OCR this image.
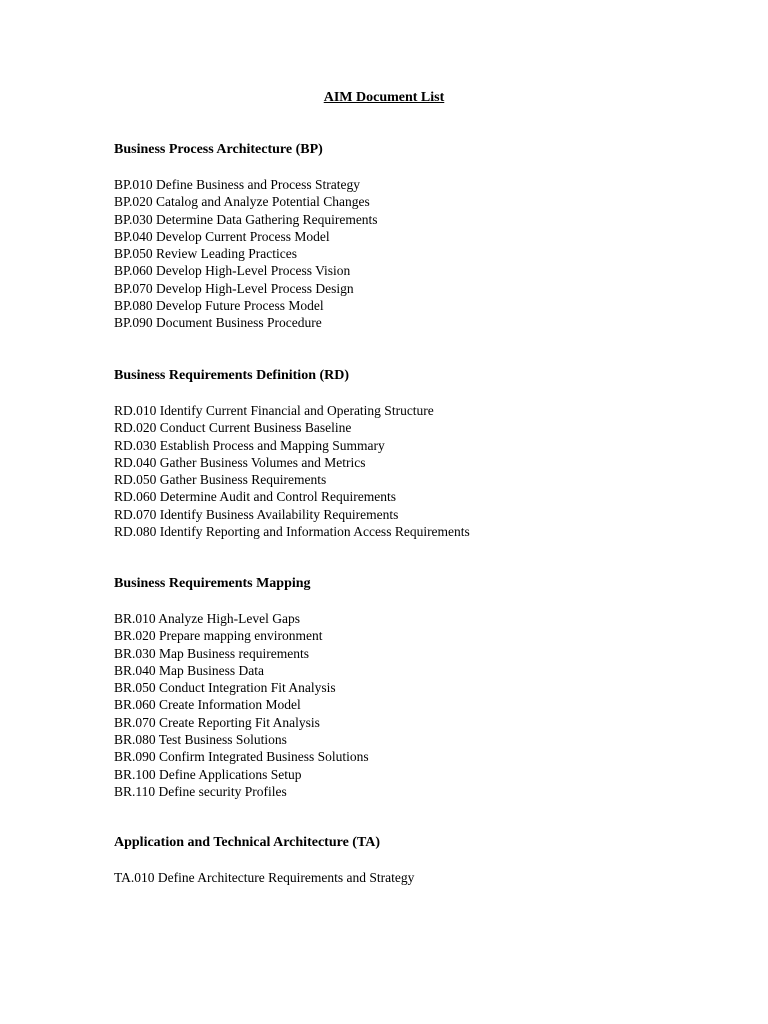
AIM Document List
Business Process Architecture (BP)
BP.010 Define Business and Process Strategy
BP.020 Catalog and Analyze Potential Changes
BP.030 Determine Data Gathering Requirements
BP.040 Develop Current Process Model
BP.050 Review Leading Practices
BP.060 Develop High-Level Process Vision
BP.070 Develop High-Level Process Design
BP.080 Develop Future Process Model
BP.090 Document Business Procedure
Business Requirements Definition (RD)
RD.010 Identify Current Financial and Operating Structure
RD.020 Conduct Current Business Baseline
RD.030 Establish Process and Mapping Summary
RD.040 Gather Business Volumes and Metrics
RD.050 Gather Business Requirements
RD.060 Determine Audit and Control Requirements
RD.070 Identify Business Availability Requirements
RD.080 Identify Reporting and Information Access Requirements
Business Requirements Mapping
BR.010 Analyze High-Level Gaps
BR.020 Prepare mapping environment
BR.030 Map Business requirements
BR.040 Map Business Data
BR.050 Conduct Integration Fit Analysis
BR.060 Create Information Model
BR.070 Create Reporting Fit Analysis
BR.080 Test Business Solutions
BR.090 Confirm Integrated Business Solutions
BR.100 Define Applications Setup
BR.110 Define security Profiles
Application and Technical Architecture (TA)
TA.010 Define Architecture Requirements and Strategy
